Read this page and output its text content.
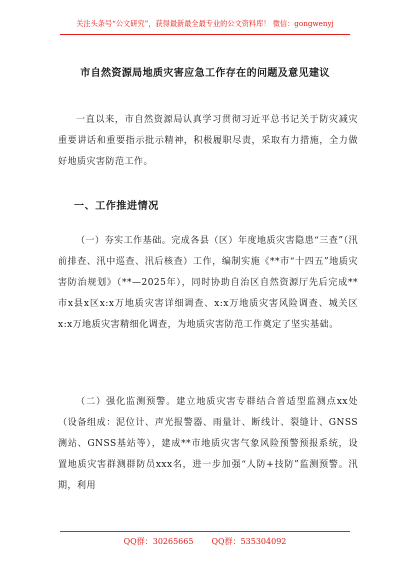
关注头条号“公文研究”，获得最新最全最专业的公文资料库！ 微信：gongwenyj
市自然资源局地质灾害应急工作存在的问题及意见建议
一直以来，市自然资源局认真学习贯彻习近平总书记关于防灾减灾重要讲话和重要指示批示精神，积极履职尽责，采取有力措施，全力做好地质灾害防范工作。
一、工作推进情况
（一）夯实工作基础。完成各县（区）年度地质灾害隐患“三查”（汛前排查、汛中巡查、汛后核查）工作，编制实施《**市“十四五”地质灾害防治规划》（**—2025年），同时协助自治区自然资源厅先后完成**市x县x区x:x万地质灾害详细调查、x:x万地质灾害风险调查、城关区x:x万地质灾害精细化调查，为地质灾害防范工作奠定了坚实基础。
（二）强化监测预警。建立地质灾害专群结合普适型监测点xx处（设备组成：泥位计、声光报警器、雨量计、断线计、裂缝计、GNSS测站、GNSS基站等），建成**市地质灾害气象风险预警预报系统，设置地质灾害群测群防员xxx名，进一步加强“人防+技防”监测预警。汛期，利用
QQ群：30265665 QQ群：535304092
